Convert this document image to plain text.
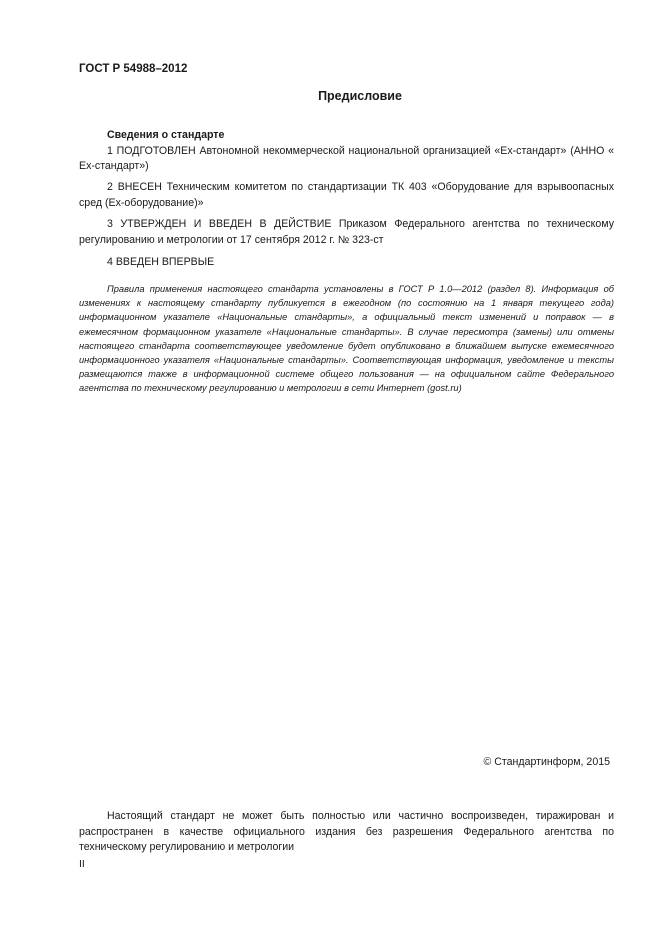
ГОСТ Р 54988–2012
Предисловие

Сведения о стандарте

1 ПОДГОТОВЛЕН Автономной некоммерческой национальной организацией «Ех-стандарт» (АННО « Ех-стандарт»)

2 ВНЕСЕН Техническим комитетом по стандартизации ТК 403 «Оборудование для взрывоопасных сред (Ех-оборудование)»

3 УТВЕРЖДЕН И ВВЕДЕН В ДЕЙСТВИЕ Приказом Федерального агентства по техническому регулированию и метрологии от 17 сентября 2012 г. № 323-ст

4 ВВЕДЕН ВПЕРВЫЕ

Правила применения настоящего стандарта установлены в ГОСТ Р 1.0—2012 (раздел 8). Информация об изменениях к настоящему стандарту публикуется в ежегодном (по состоянию на 1 января текущего года) информационном указателе «Национальные стандарты», а официальный текст изменений и поправок — в ежемесячном формационном указателе «Национальные стандарты». В случае пересмотра (замены) или отмены настоящего стандарта соответствующее уведомление будет опубликовано в ближайшем выпуске ежемесячного информационного указателя «Национальные стандарты». Соответствующая информация, уведомление и тексты размещаются также в информационной системе общего пользования — на официальном сайте Федерального агентства по техническому регулированию и метрологии в сети Интернет (gost.ru)
© Стандартинформ, 2015
Настоящий стандарт не может быть полностью или частично воспроизведен, тиражирован и распространен в качестве официального издания без разрешения Федерального агентства по техническому регулированию и метрологии
II
